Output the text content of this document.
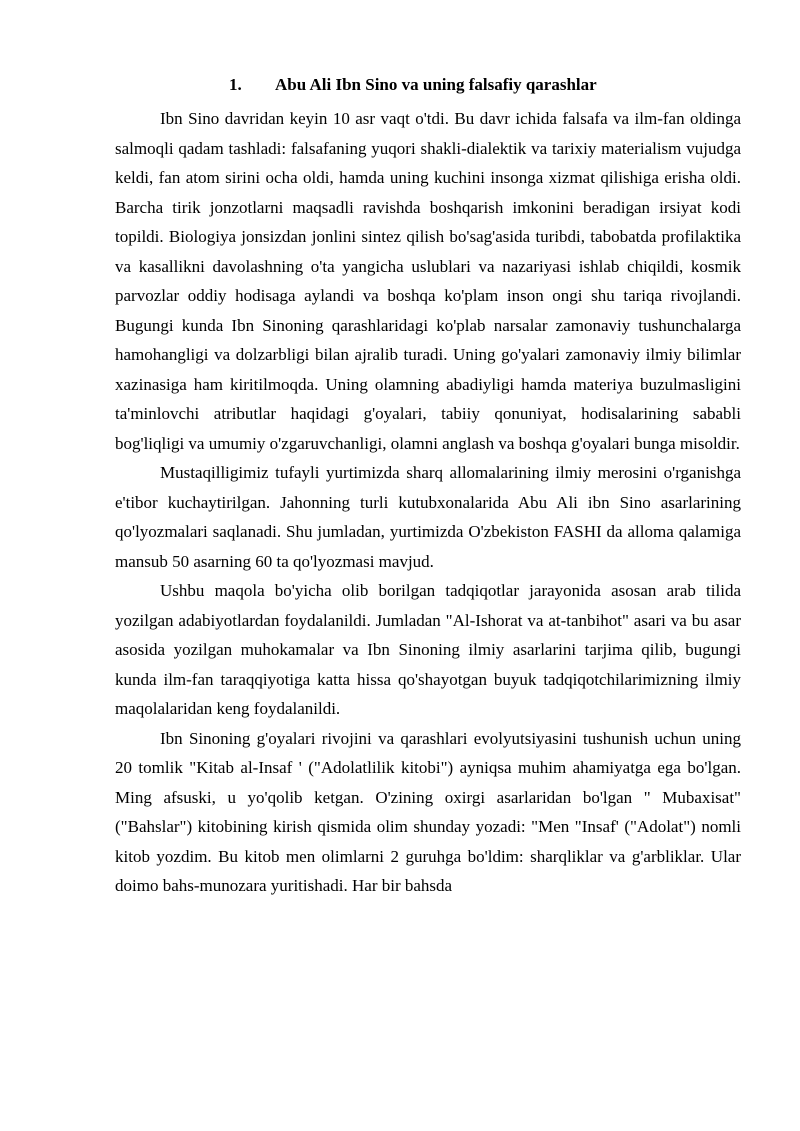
1. Abu Ali Ibn Sino va uning falsafiy qarashlar

Ibn Sino davridan keyin 10 asr vaqt o'tdi. Bu davr ichida falsafa va ilm-fan oldinga salmoqli qadam tashladi: falsafaning yuqori shakli-dialektik va tarixiy materialism vujudga keldi, fan atom sirini ocha oldi, hamda uning kuchini insonga xizmat qilishiga erisha oldi. Barcha tirik jonzotlarni maqsadli ravishda boshqarish imkonini beradigan irsiyat kodi topildi. Biologiya jonsizdan jonlini sintez qilish bo'sag'asida turibdi, tabobatda profilaktika va kasallikni davolashning o'ta yangicha uslublari va nazariyasi ishlab chiqildi, kosmik parvozlar oddiy hodisaga aylandi va boshqa ko'plam inson ongi shu tariqa rivojlandi. Bugungi kunda Ibn Sinoning qarashlaridagi ko'plab narsalar zamonaviy tushunchalarga hamohangligi va dolzarbligi bilan ajralib turadi. Uning go'yalari zamonaviy ilmiy bilimlar xazinasiga ham kiritilmoqda. Uning olamning abadiyligi hamda materiya buzulmasligini ta'minlovchi atributlar haqidagi g'oyalari, tabiiy qonuniyat, hodisalarining sababli bog'liqligi va umumiy o'zgaruvchanligi, olamni anglash va boshqa g'oyalari bunga misoldir.

Mustaqilligimiz tufayli yurtimizda sharq allomalarining ilmiy merosini o'rganishga e'tibor kuchaytirilgan. Jahonning turli kutubxonalarida Abu Ali ibn Sino asarlarining qo'lyozmalari saqlanadi. Shu jumladan, yurtimizda O'zbekiston FASHI da alloma qalamiga mansub 50 asarning 60 ta qo'lyozmasi mavjud.

Ushbu maqola bo'yicha olib borilgan tadqiqotlar jarayonida asosan arab tilida yozilgan adabiyotlardan foydalanildi. Jumladan "Al-Ishorat va at-tanbihot" asari va bu asar asosida yozilgan muhokamalar va Ibn Sinoning ilmiy asarlarini tarjima qilib, bugungi kunda ilm-fan taraqqiyotiga katta hissa qo'shayotgan buyuk tadqiqotchilarimizning ilmiy maqolalaridan keng foydalanildi.

Ibn Sinoning g'oyalari rivojini va qarashlari evolyutsiyasini tushunish uchun uning 20 tomlik "Kitab al-Insaf ' ("Adolatlilik kitobi") ayniqsa muhim ahamiyatga ega bo'lgan. Ming afsuski, u yo'qolib ketgan. O'zining oxirgi asarlaridan bo'lgan " Mubaxisat" ("Bahslar") kitobining kirish qismida olim shunday yozadi: "Men "Insaf' ("Adolat") nomli kitob yozdim. Bu kitob men olimlarni 2 guruhga bo'ldim: sharqliklar va g'arbliklar. Ular doimo bahs-munozara yuritishadi. Har bir bahsda
